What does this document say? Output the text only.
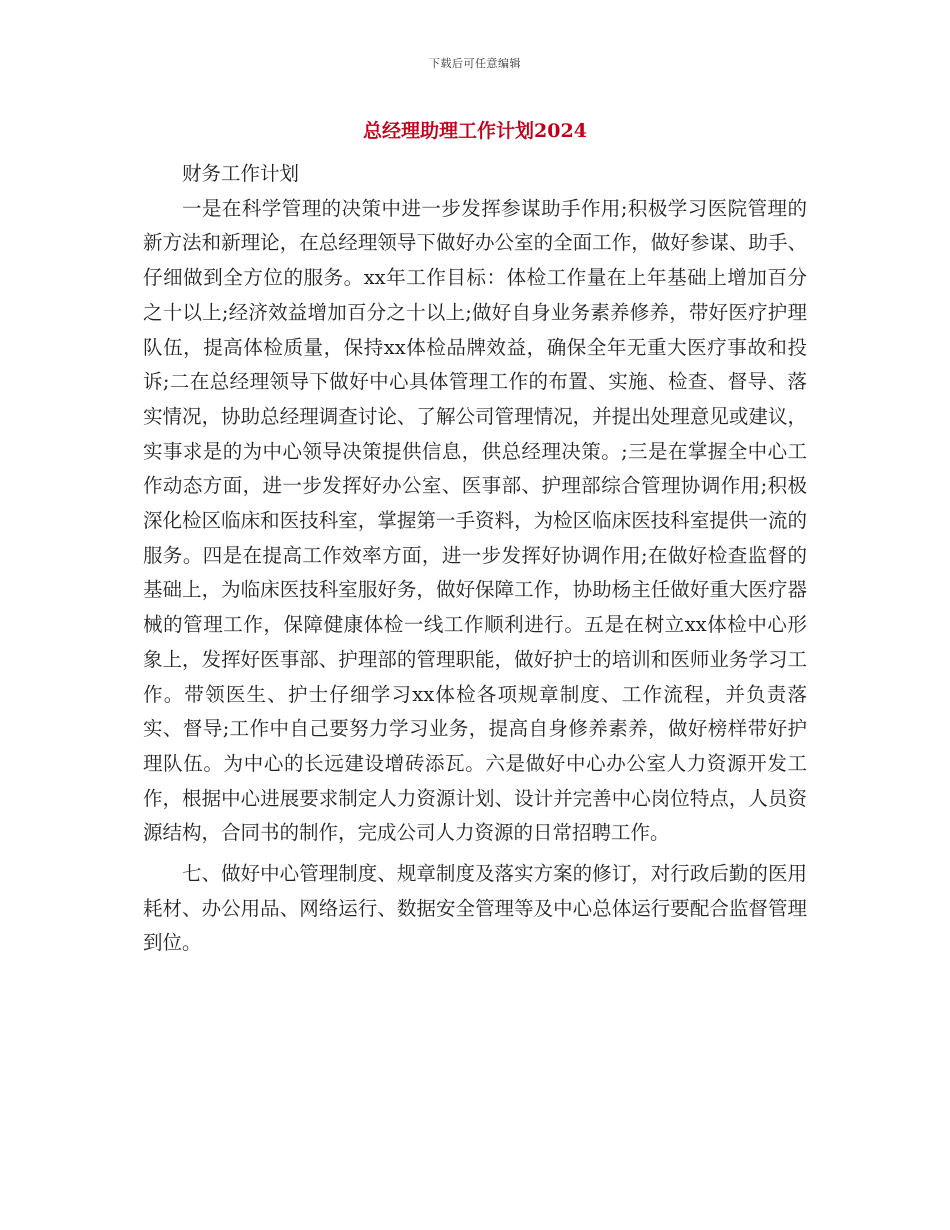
下载后可任意编辑
总经理助理工作计划2024

财务工作计划

一是在科学管理的决策中进一步发挥参谋助手作用;积极学习医院管理的新方法和新理论，在总经理领导下做好办公室的全面工作，做好参谋、助手、仔细做到全方位的服务。xx年工作目标：体检工作量在上年基础上增加百分之十以上;经济效益增加百分之十以上;做好自身业务素养修养，带好医疗护理队伍，提高体检质量，保持xx体检品牌效益，确保全年无重大医疗事故和投诉;二在总经理领导下做好中心具体管理工作的布置、实施、检查、督导、落实情况，协助总经理调查讨论、了解公司管理情况，并提出处理意见或建议，实事求是的为中心领导决策提供信息，供总经理决策。;三是在掌握全中心工作动态方面，进一步发挥好办公室、医事部、护理部综合管理协调作用;积极深化检区临床和医技科室，掌握第一手资料，为检区临床医技科室提供一流的服务。四是在提高工作效率方面，进一步发挥好协调作用;在做好检查监督的基础上，为临床医技科室服好务，做好保障工作，协助杨主任做好重大医疗器械的管理工作，保障健康体检一线工作顺利进行。五是在树立xx体检中心形象上，发挥好医事部、护理部的管理职能，做好护士的培训和医师业务学习工作。带领医生、护士仔细学习xx体检各项规章制度、工作流程，并负责落实、督导;工作中自己要努力学习业务，提高自身修养素养，做好榜样带好护理队伍。为中心的长远建设增砖添瓦。六是做好中心办公室人力资源开发工作，根据中心进展要求制定人力资源计划、设计并完善中心岗位特点，人员资源结构，合同书的制作，完成公司人力资源的日常招聘工作。

七、做好中心管理制度、规章制度及落实方案的修订，对行政后勤的医用耗材、办公用品、网络运行、数据安全管理等及中心总体运行要配合监督管理到位。
